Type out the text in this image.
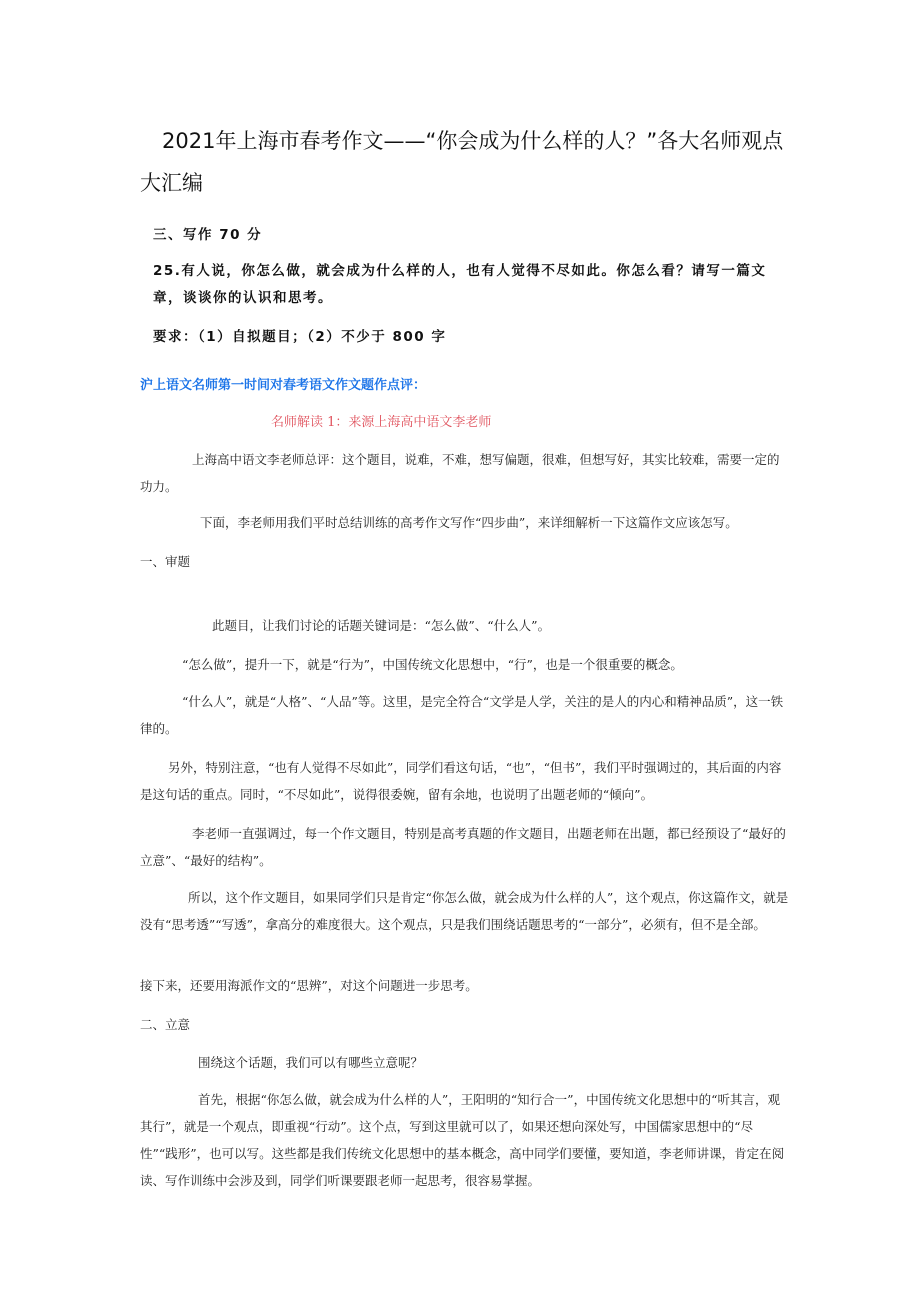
2021年上海市春考作文——“你会成为什么样的人？”各大名师观点大汇编

三、写作 70 分

25.有人说，你怎么做，就会成为什么样的人，也有人觉得不尽如此。你怎么看？请写一篇文章，谈谈你的认识和思考。

要求：（1）自拟题目；（2）不少于 800 字

沪上语文名师第一时间对春考语文作文题作点评：

名师解读 1：来源上海高中语文李老师

上海高中语文李老师总评：这个题目，说难，不难，想写偏题，很难，但想写好，其实比较难，需要一定的功力。

下面，李老师用我们平时总结训练的高考作文写作“四步曲”，来详细解析一下这篇作文应该怎写。

一、审题

此题目，让我们讨论的话题关键词是：“怎么做”、“什么人”。

“怎么做”，提升一下，就是“行为”，中国传统文化思想中，“行”，也是一个很重要的概念。

“什么人”，就是“人格”、“人品”等。这里，是完全符合“文学是人学，关注的是人的内心和精神品质”，这一铁律的。

另外，特别注意，“也有人觉得不尽如此”，同学们看这句话，“也”，“但书”，我们平时强调过的，其后面的内容是这句话的重点。同时，“不尽如此”，说得很委婉，留有余地，也说明了出题老师的“倾向”。

李老师一直强调过，每一个作文题目，特别是高考真题的作文题目，出题老师在出题，都已经预设了“最好的立意”、“最好的结构”。

所以，这个作文题目，如果同学们只是肯定“你怎么做，就会成为什么样的人”，这个观点，你这篇作文，就是没有“思考透”“写透”，拿高分的难度很大。这个观点，只是我们围绕话题思考的“一部分”，必须有，但不是全部。

接下来，还要用海派作文的“思辨”，对这个问题进一步思考。

二、立意

围绕这个话题，我们可以有哪些立意呢？

首先，根据“你怎么做，就会成为什么样的人”，王阳明的“知行合一”，中国传统文化思想中的“听其言，观其行”，就是一个观点，即重视“行动”。这个点，写到这里就可以了，如果还想向深处写，中国儒家思想中的“尽性”“践形”，也可以写。这些都是我们传统文化思想中的基本概念，高中同学们要懂，要知道，李老师讲课，肯定在阅读、写作训练中会涉及到，同学们听课要跟老师一起思考，很容易掌握。
